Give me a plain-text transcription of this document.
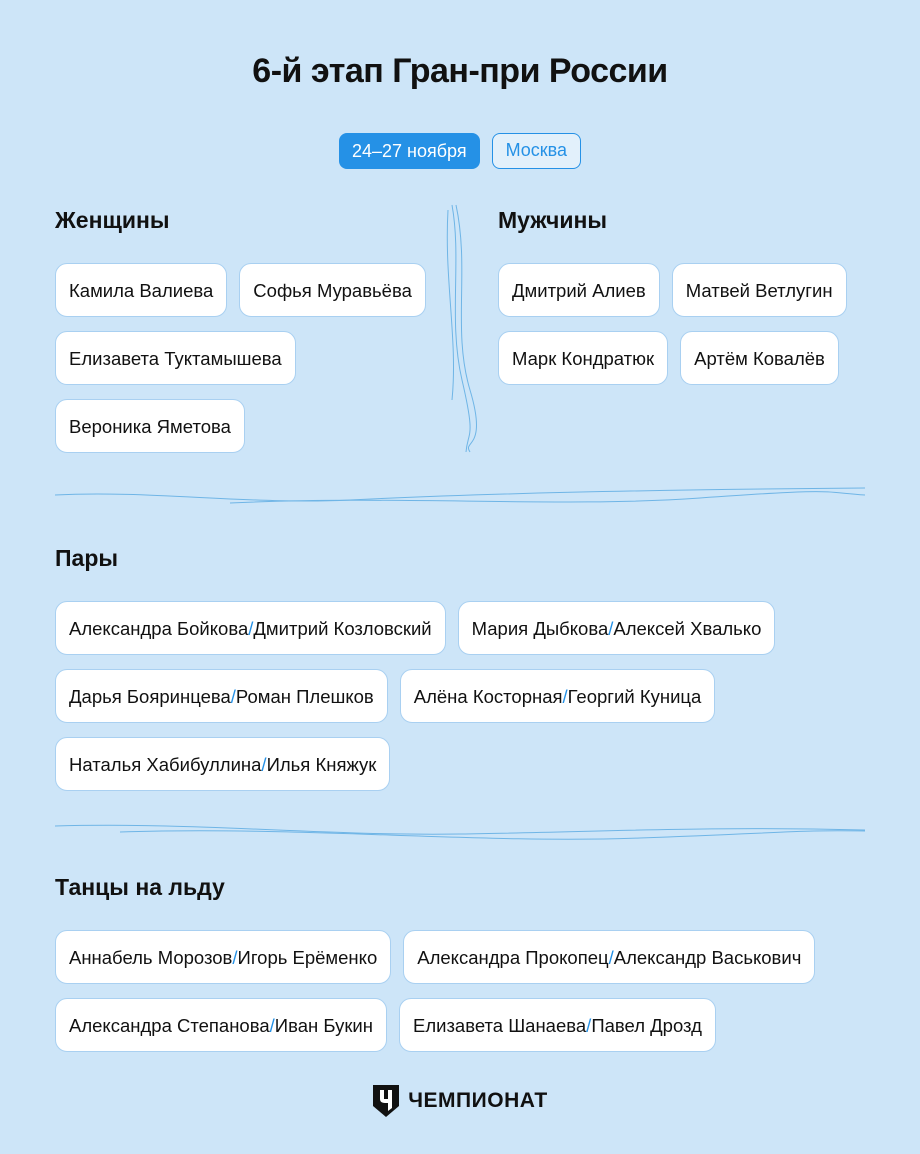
6-й этап Гран-при России
24–27 ноября	Москва
Женщины
Камила Валиева	Софья Муравьёва
Елизавета Туктамышева
Вероника Яметова
Мужчины
Дмитрий Алиев	Матвей Ветлугин
Марк Кондратюк	Артём Ковалёв
Пары
Александра Бойкова/Дмитрий Козловский	Мария Дыбкова/Алексей Хвалько
Дарья Бояринцева/Роман Плешков	Алёна Косторная/Георгий Куница
Наталья Хабибуллина/Илья Княжук
Танцы на льду
Аннабель Морозов/Игорь Ерёменко	Александра Прокопец/Александр Васькович
Александра Степанова/Иван Букин	Елизавета Шанаева/Павел Дрозд
ЧЕМПИОНАТ
